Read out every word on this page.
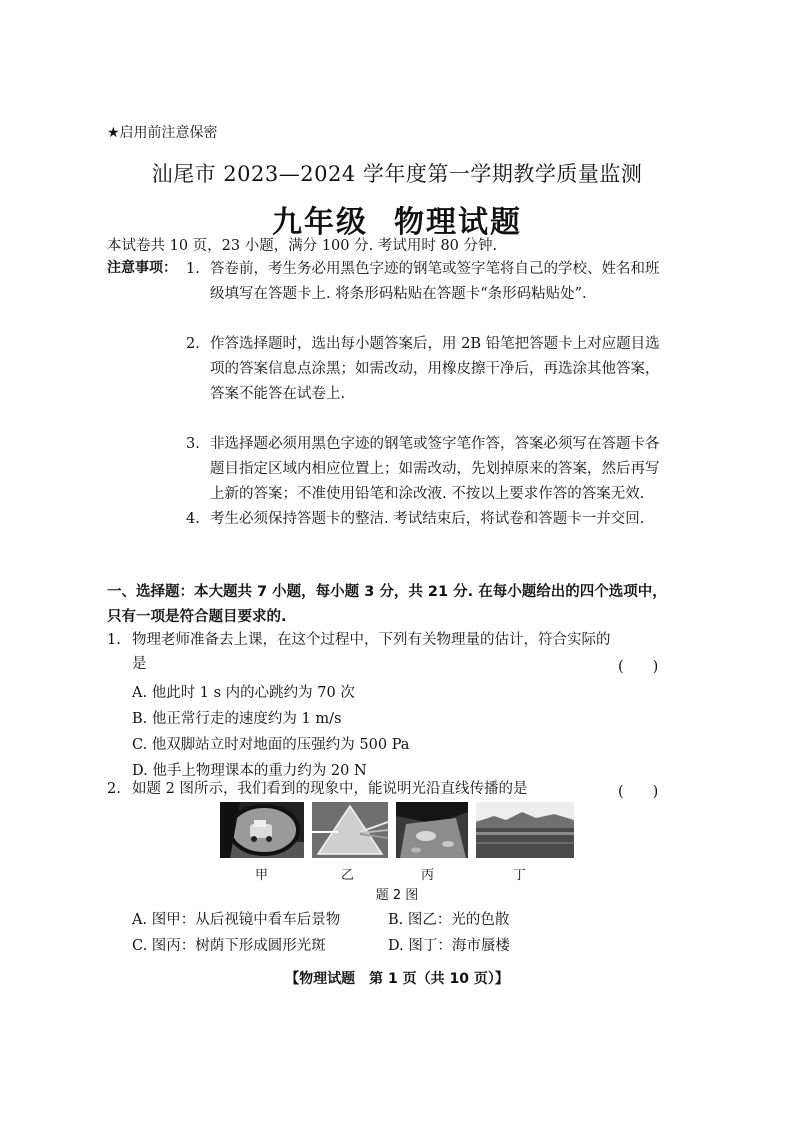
★启用前注意保密
汕尾市 2023—2024 学年度第一学期教学质量监测
九年级 物理试题
本试卷共 10 页，23 小题，满分 100 分. 考试用时 80 分钟.
注意事项： 1. 答卷前，考生务必用黑色字迹的钢笔或签字笔将自己的学校、姓名和班级填写在答题卡上. 将条形码粘贴在答题卡“条形码粘贴处”.
2. 作答选择题时，选出每小题答案后，用 2B 铅笔把答题卡上对应题目选项的答案信息点涂黑；如需改动，用橡皮擦干净后，再选涂其他答案，答案不能答在试卷上.
3. 非选择题必须用黑色字迹的钢笔或签字笔作答，答案必须写在答题卡各题目指定区域内相应位置上；如需改动，先划掉原来的答案，然后再写上新的答案；不准使用铅笔和涂改液. 不按以上要求作答的答案无效.
4. 考生必须保持答题卡的整洁. 考试结束后，将试卷和答题卡一并交回.
一、选择题：本大题共 7 小题，每小题 3 分，共 21 分. 在每小题给出的四个选项中，只有一项是符合题目要求的.
1. 物理老师准备去上课，在这个过程中，下列有关物理量的估计，符合实际的
是	(　　)
A. 他此时 1 s 内的心跳约为 70 次
B. 他正常行走的速度约为 1 m/s
C. 他双脚站立时对地面的压强约为 500 Pa
D. 他手上物理课本的重力约为 20 N
2. 如题 2 图所示，我们看到的现象中，能说明光沿直线传播的是	(　　)
甲	乙	丙	丁
题 2 图
A. 图甲：从后视镜中看车后景物	B. 图乙：光的色散
C. 图丙：树荫下形成圆形光斑	D. 图丁：海市蜃楼
【物理试题　第 1 页（共 10 页）】
